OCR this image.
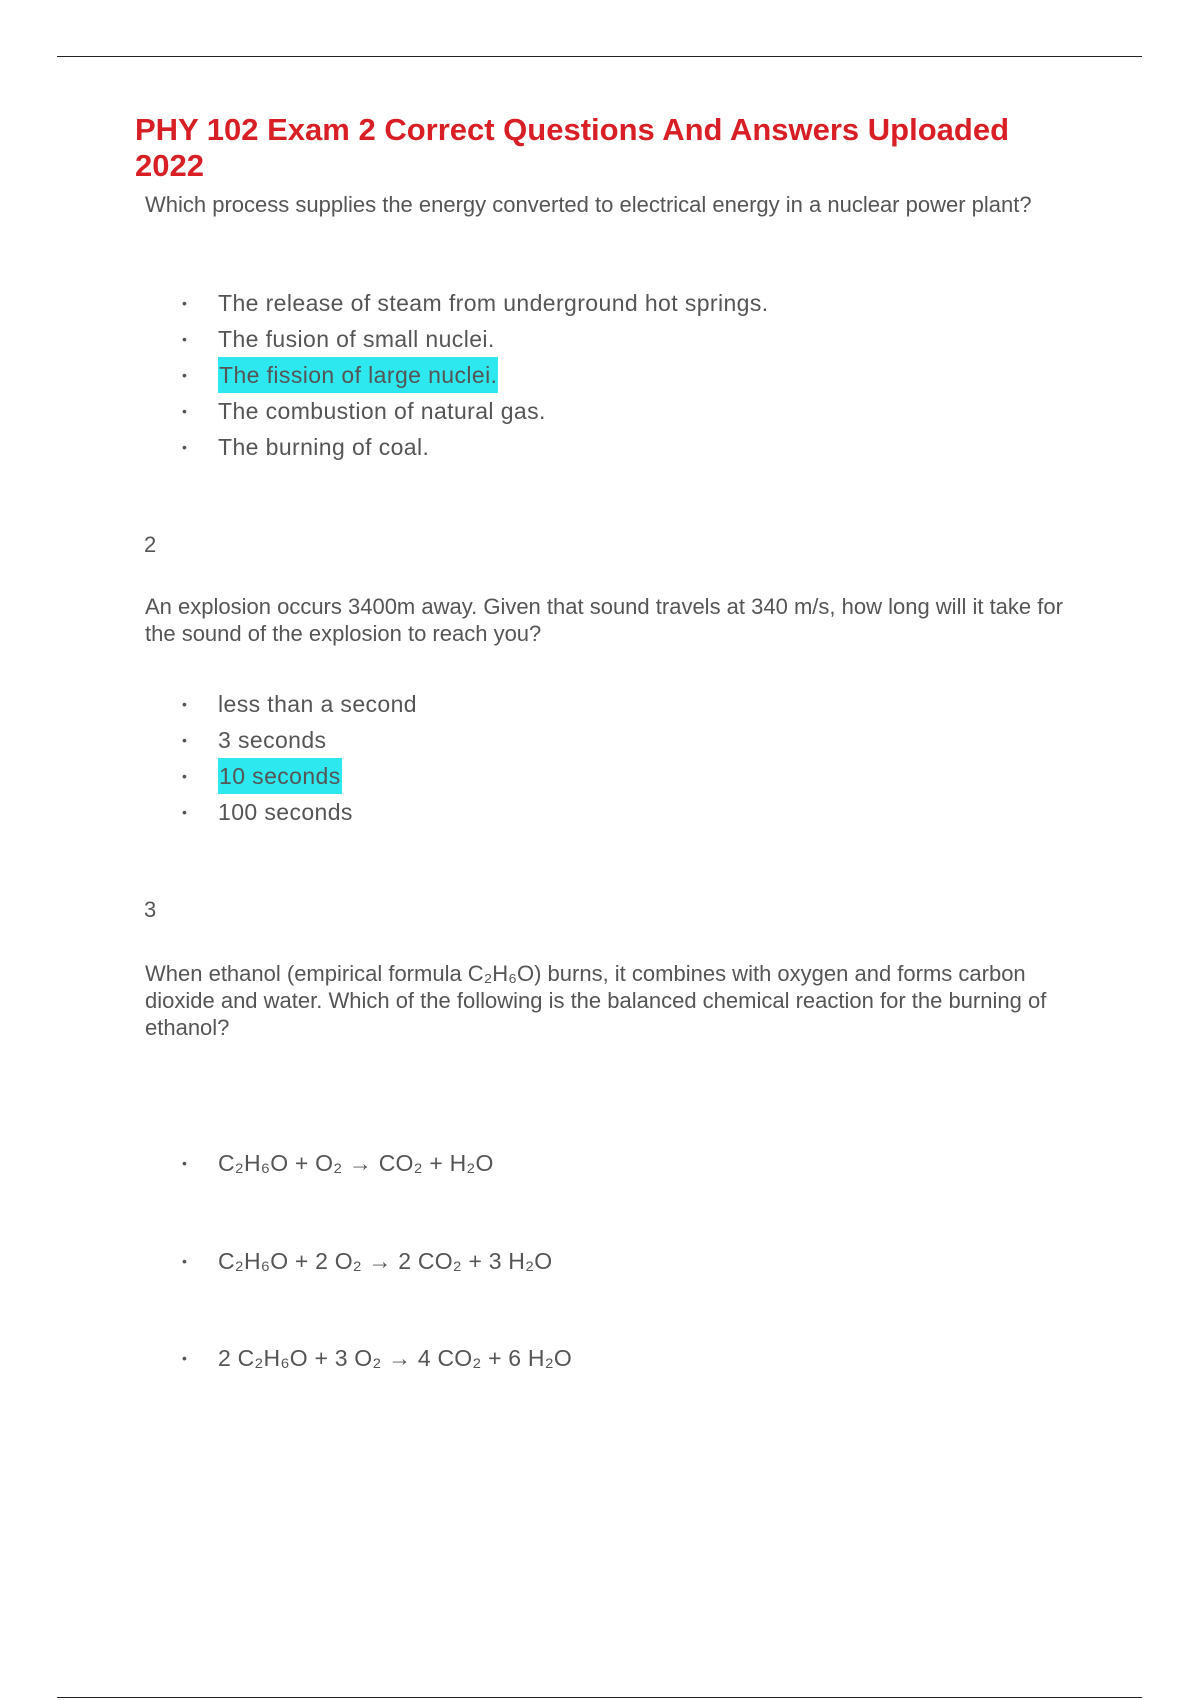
PHY 102 Exam 2 Correct Questions And Answers Uploaded 2022

Which process supplies the energy converted to electrical energy in a nuclear power plant?

• The release of steam from underground hot springs.
• The fusion of small nuclei.
• The fission of large nuclei.
• The combustion of natural gas.
• The burning of coal.
2

An explosion occurs 3400m away. Given that sound travels at 340 m/s, how long will it take for the sound of the explosion to reach you?

• less than a second
• 3 seconds
• 10 seconds
• 100 seconds
3

When ethanol (empirical formula C₂H₆O) burns, it combines with oxygen and forms carbon dioxide and water. Which of the following is the balanced chemical reaction for the burning of ethanol?

• C₂H₆O + O₂ → CO₂ + H₂O
• C₂H₆O + 2 O₂ → 2 CO₂ + 3 H₂O
• 2 C₂H₆O + 3 O₂ → 4 CO₂ + 6 H₂O
